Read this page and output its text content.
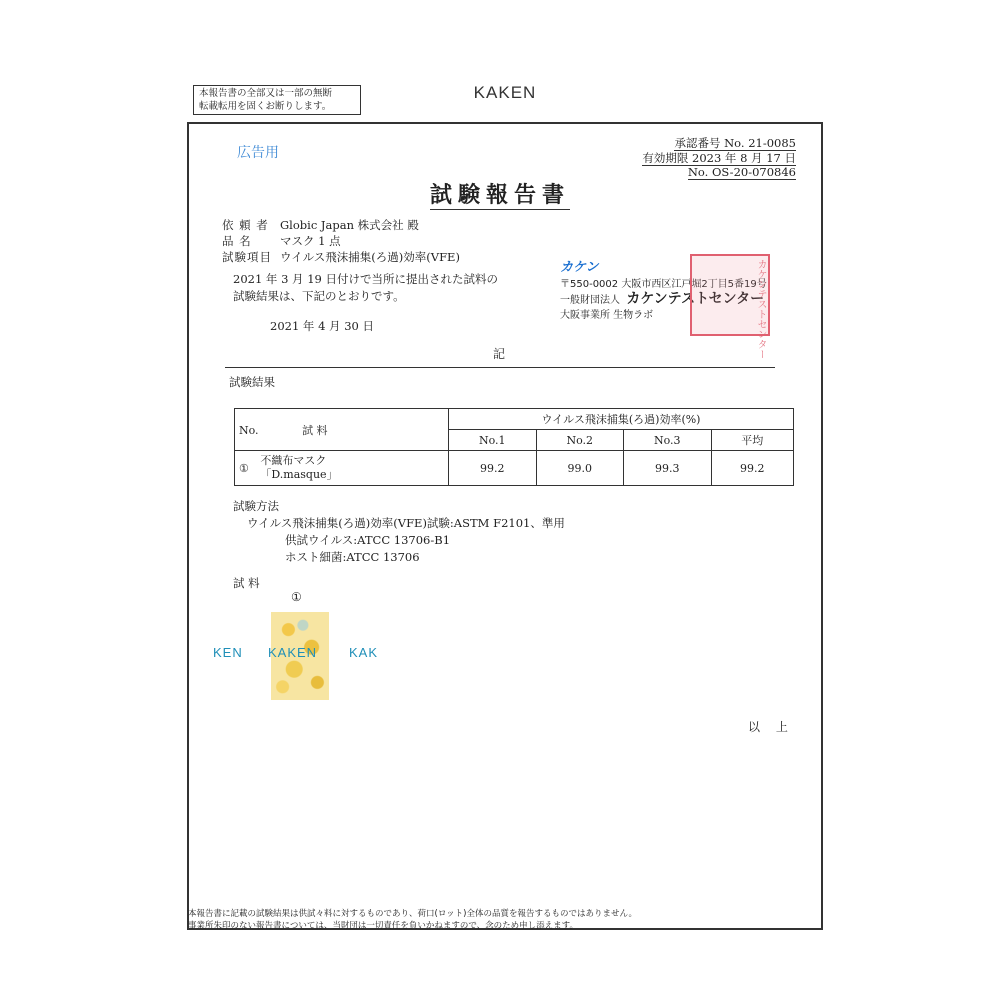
本報告書の全部又は一部の無断
転載転用を固くお断りします。
KAKEN
広告用
承認番号 No. 21-0085
有効期限 2023 年 8 月 17 日
No. OS-20-070846
試験報告書
依 頼 者 Globic Japan 株式会社 殿
品 名 マスク 1 点
試験項目 ウイルス飛沫捕集(ろ過)効率(VFE)
2021 年 3 月 19 日付けで当所に提出された試料の
試験結果は、下記のとおりです。
2021 年 4 月 30 日
カケン
〒550-0002 大阪市西区江戸堀2丁目5番19号
一般財団法人 カケンテストセンター
大阪事業所 生物ラボ	カケンテストセンター
記
試験結果
No. 試 料	ウイルス飛沫捕集(ろ過)効率(%)			
	No.1	No.2	No.3	平均
①
不織布マスク
「D.masque」	99.2	99.0	99.3	99.2
試験方法
ウイルス飛沫捕集(ろ過)効率(VFE)試験:ASTM F2101、準用
供試ウイルス:ATCC 13706-B1
ホスト細菌:ATCC 13706
試 料
①
KEN KAKEN KAK
以 上
本報告書に記載の試験結果は供試々料に対するものであり、荷口(ロット)全体の品質を報告するものではありません。
事業所朱印のない報告書については、当財団は一切責任を負いかねますので、念のため申し添えます。
